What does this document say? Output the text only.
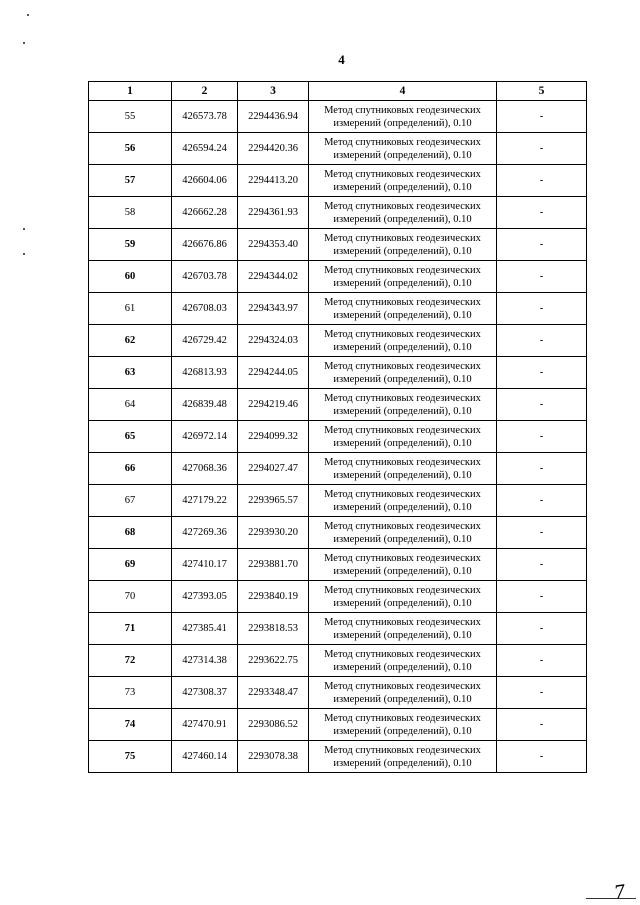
4
1	2	3	4	5
55	426573.78	2294436.94	Метод спутниковых геодезических измерений (определений), 0.10	-
56	426594.24	2294420.36	Метод спутниковых геодезических измерений (определений), 0.10	-
57	426604.06	2294413.20	Метод спутниковых геодезических измерений (определений), 0.10	-
58	426662.28	2294361.93	Метод спутниковых геодезических измерений (определений), 0.10	-
59	426676.86	2294353.40	Метод спутниковых геодезических измерений (определений), 0.10	-
60	426703.78	2294344.02	Метод спутниковых геодезических измерений (определений), 0.10	-
61	426708.03	2294343.97	Метод спутниковых геодезических измерений (определений), 0.10	-
62	426729.42	2294324.03	Метод спутниковых геодезических измерений (определений), 0.10	-
63	426813.93	2294244.05	Метод спутниковых геодезических измерений (определений), 0.10	-
64	426839.48	2294219.46	Метод спутниковых геодезических измерений (определений), 0.10	-
65	426972.14	2294099.32	Метод спутниковых геодезических измерений (определений), 0.10	-
66	427068.36	2294027.47	Метод спутниковых геодезических измерений (определений), 0.10	-
67	427179.22	2293965.57	Метод спутниковых геодезических измерений (определений), 0.10	-
68	427269.36	2293930.20	Метод спутниковых геодезических измерений (определений), 0.10	-
69	427410.17	2293881.70	Метод спутниковых геодезических измерений (определений), 0.10	-
70	427393.05	2293840.19	Метод спутниковых геодезических измерений (определений), 0.10	-
71	427385.41	2293818.53	Метод спутниковых геодезических измерений (определений), 0.10	-
72	427314.38	2293622.75	Метод спутниковых геодезических измерений (определений), 0.10	-
73	427308.37	2293348.47	Метод спутниковых геодезических измерений (определений), 0.10	-
74	427470.91	2293086.52	Метод спутниковых геодезических измерений (определений), 0.10	-
75	427460.14	2293078.38	Метод спутниковых геодезических измерений (определений), 0.10	-
7
